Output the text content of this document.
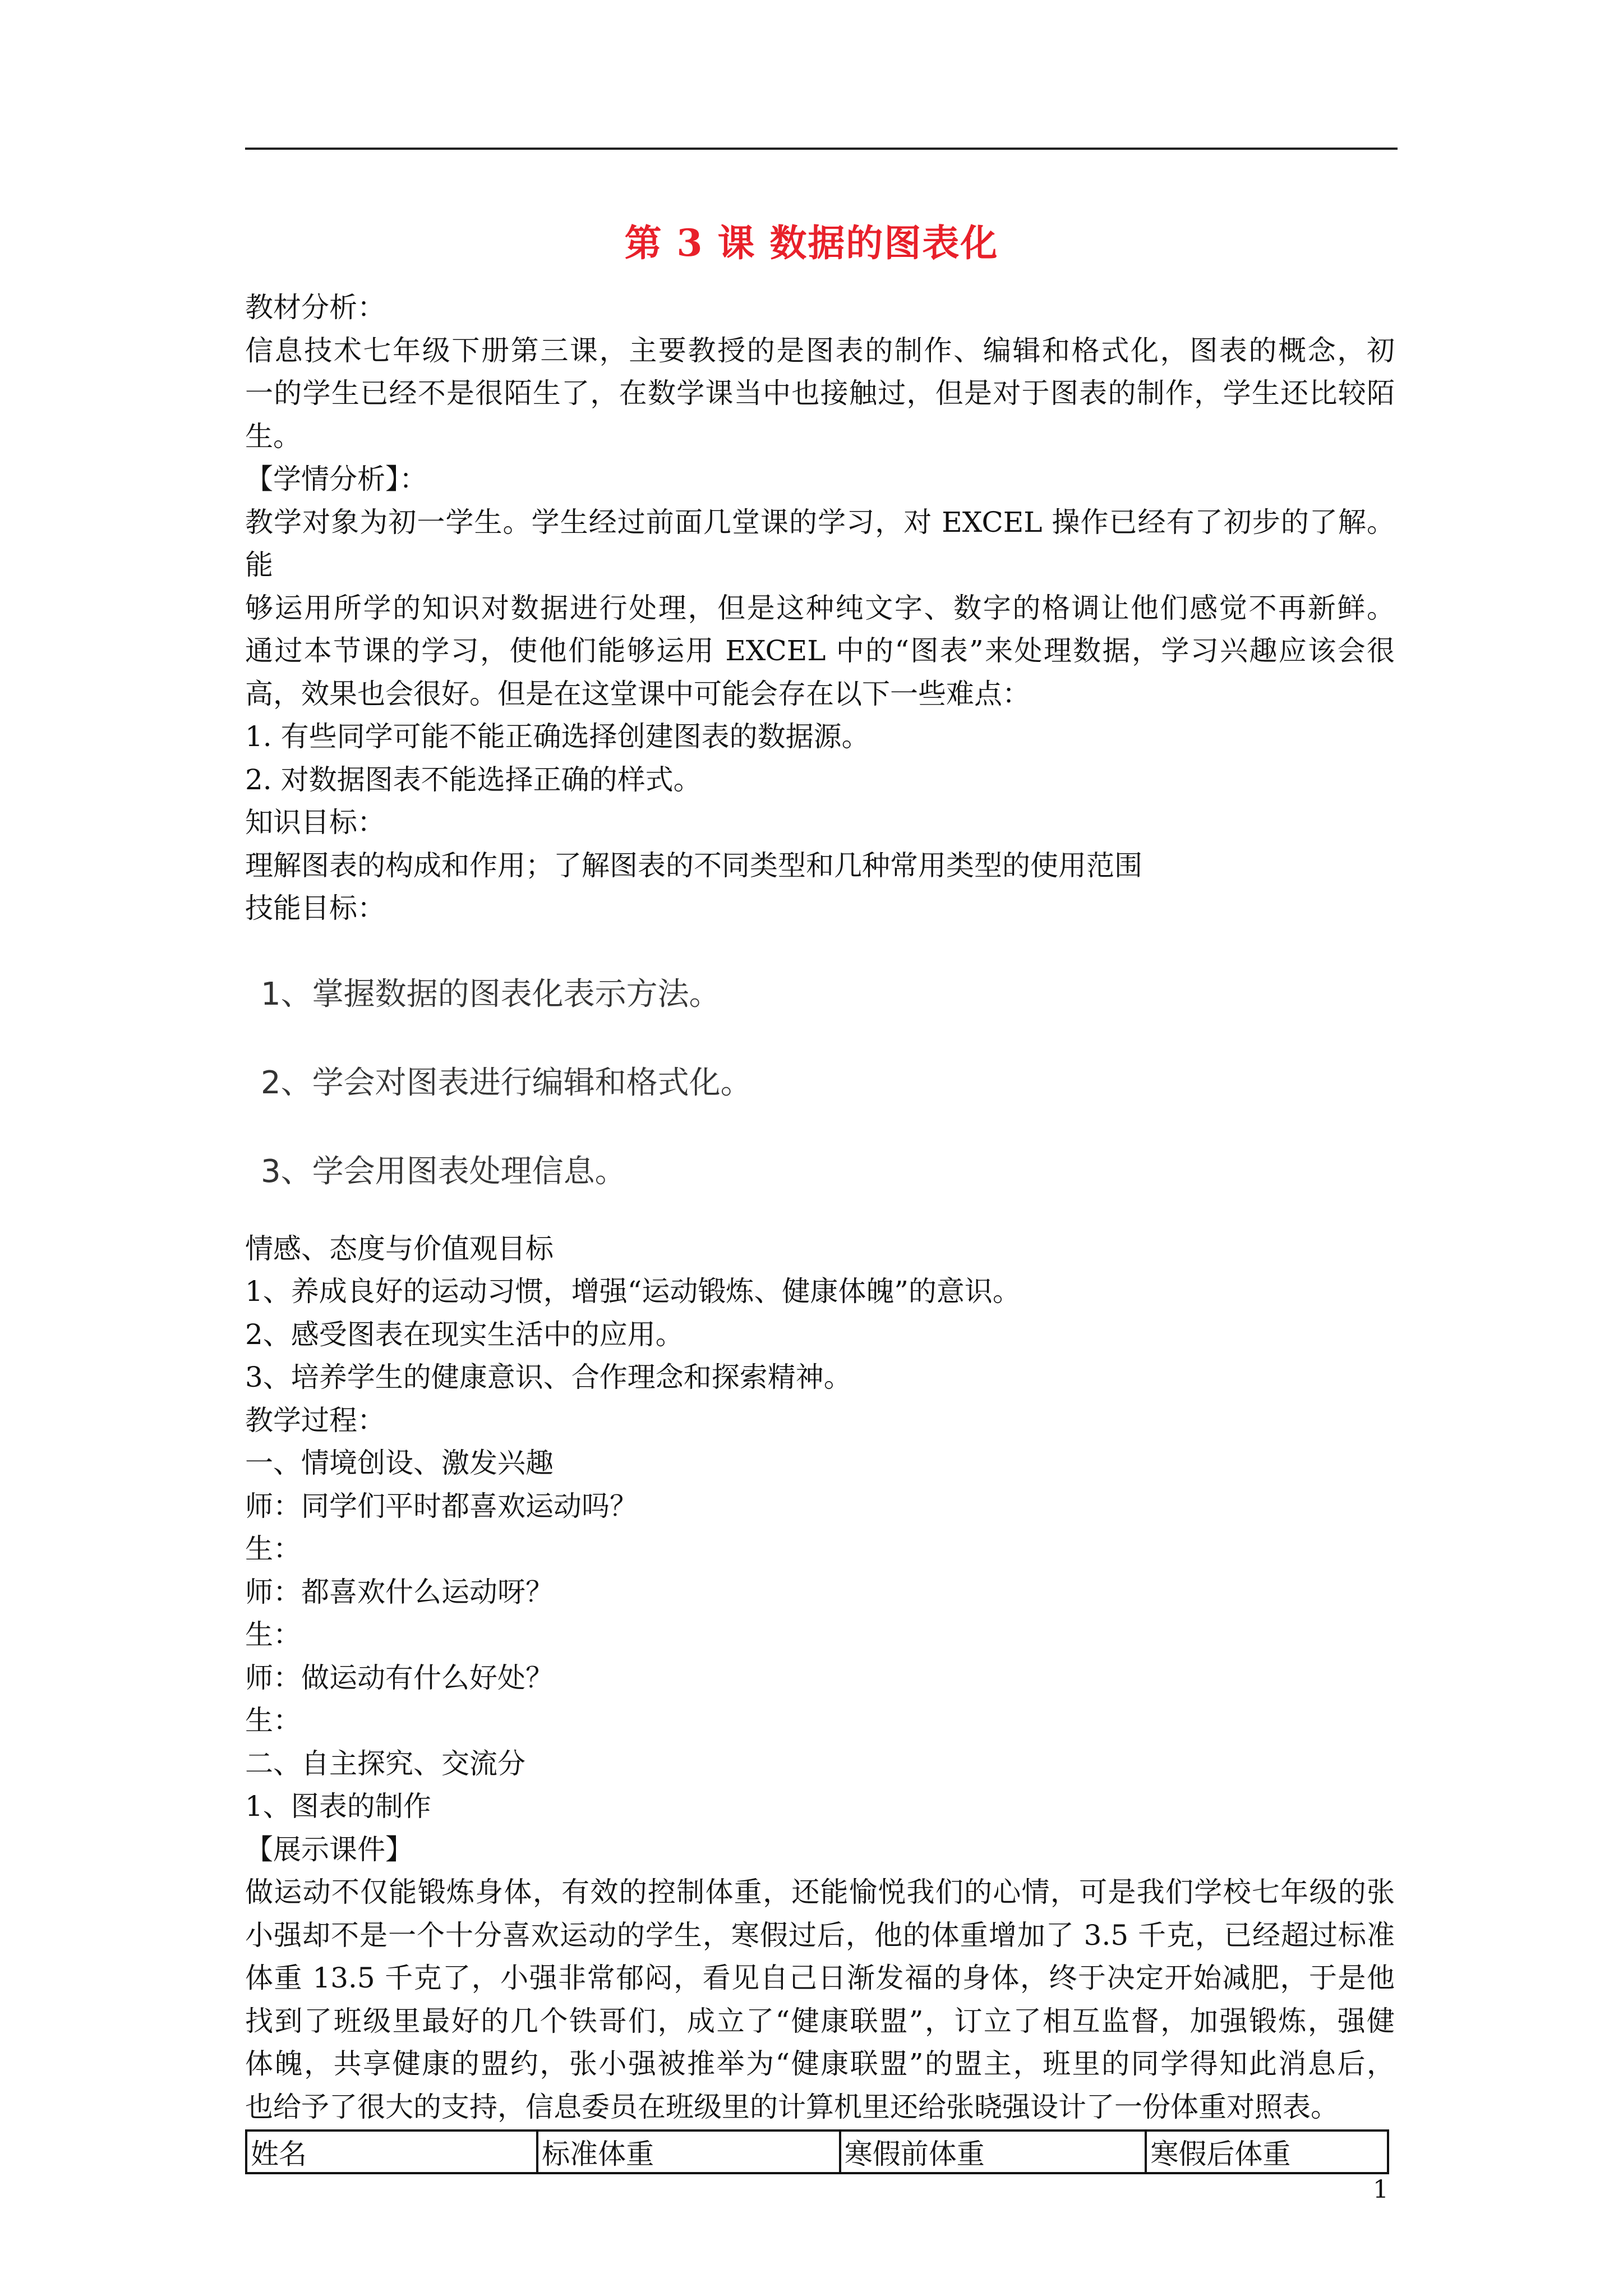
第 3 课 数据的图表化
教材分析：
信息技术七年级下册第三课，主要教授的是图表的制作、编辑和格式化，图表的概念，初
一的学生已经不是很陌生了，在数学课当中也接触过，但是对于图表的制作，学生还比较陌
生。
【学情分析】：
教学对象为初一学生。学生经过前面几堂课的学习，对 EXCEL 操作已经有了初步的了解。能
够运用所学的知识对数据进行处理，但是这种纯文字、数字的格调让他们感觉不再新鲜。
通过本节课的学习，使他们能够运用 EXCEL 中的“图表”来处理数据，学习兴趣应该会很
高，效果也会很好。但是在这堂课中可能会存在以下一些难点：
1. 有些同学可能不能正确选择创建图表的数据源。
2. 对数据图表不能选择正确的样式。
知识目标：
理解图表的构成和作用；了解图表的不同类型和几种常用类型的使用范围
技能目标：
1、掌握数据的图表化表示方法。
2、学会对图表进行编辑和格式化。
3、学会用图表处理信息。
情感、态度与价值观目标
1、养成良好的运动习惯，增强“运动锻炼、健康体魄”的意识。
2、感受图表在现实生活中的应用。
3、培养学生的健康意识、合作理念和探索精神。
教学过程：
一、情境创设、激发兴趣
师：同学们平时都喜欢运动吗？
生：
师：都喜欢什么运动呀？
生：
师：做运动有什么好处？
生：
二、自主探究、交流分
1、图表的制作
【展示课件】
做运动不仅能锻炼身体，有效的控制体重，还能愉悦我们的心情，可是我们学校七年级的张
小强却不是一个十分喜欢运动的学生，寒假过后，他的体重增加了 3.5 千克，已经超过标准
体重 13.5 千克了，小强非常郁闷，看见自己日渐发福的身体，终于决定开始减肥，于是他
找到了班级里最好的几个铁哥们，成立了“健康联盟”，订立了相互监督，加强锻炼，强健
体魄，共享健康的盟约，张小强被推举为“健康联盟”的盟主，班里的同学得知此消息后，
也给予了很大的支持，信息委员在班级里的计算机里还给张晓强设计了一份体重对照表。
姓名	标准体重	寒假前体重	寒假后体重
1
